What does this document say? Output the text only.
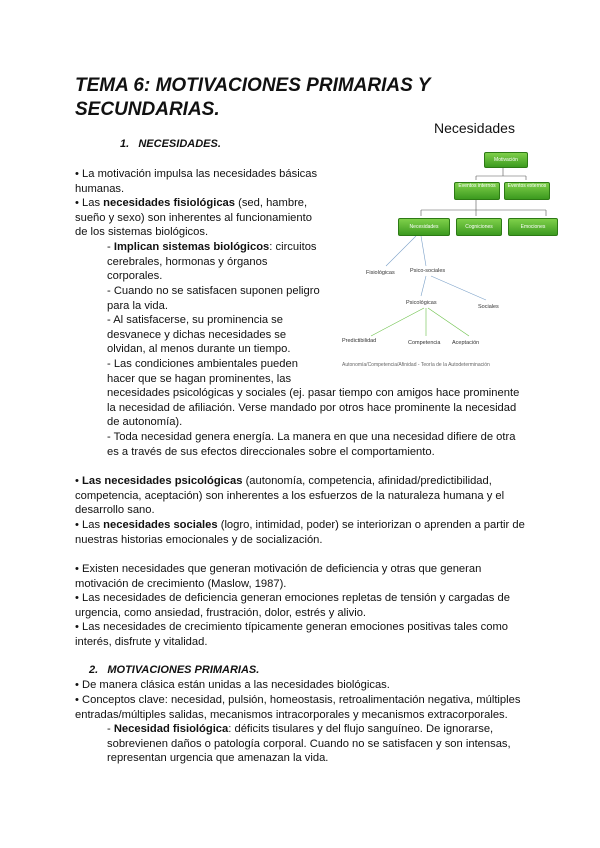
TEMA 6: MOTIVACIONES PRIMARIAS Y SECUNDARIAS.
1. NECESIDADES.
• La motivación impulsa las necesidades básicas humanas.
• Las necesidades fisiológicas (sed, hambre, sueño y sexo) son inherentes al funcionamiento de los sistemas biológicos.
- Implican sistemas biológicos: circuitos cerebrales, hormonas y órganos corporales.
- Cuando no se satisfacen suponen peligro para la vida.
- Al satisfacerse, su prominencia se desvanece y dichas necesidades se olvidan, al menos durante un tiempo.
- Las condiciones ambientales pueden hacer que se hagan prominentes, las
necesidades psicológicas y sociales (ej. pasar tiempo con amigos hace prominente la necesidad de afiliación. Verse mandado por otros hace prominente la necesidad de autonomía).
- Toda necesidad genera energía. La manera en que una necesidad difiere de otra es a través de sus efectos direccionales sobre el comportamiento.
• Las necesidades psicológicas (autonomía, competencia, afinidad/predictibilidad, competencia, aceptación) son inherentes a los esfuerzos de la naturaleza humana y el desarrollo sano.
• Las necesidades sociales (logro, intimidad, poder) se interiorizan o aprenden a partir de nuestras historias emocionales y de socialización.
• Existen necesidades que generan motivación de deficiencia y otras que generan motivación de crecimiento (Maslow, 1987).
• Las necesidades de deficiencia generan emociones repletas de tensión y cargadas de urgencia, como ansiedad, frustración, dolor, estrés y alivio.
• Las necesidades de crecimiento típicamente generan emociones positivas tales como interés, disfrute y vitalidad.
2. MOTIVACIONES PRIMARIAS.
• De manera clásica están unidas a las necesidades biológicas.
• Conceptos clave: necesidad, pulsión, homeostasis, retroalimentación negativa, múltiples entradas/múltiples salidas, mecanismos intracorporales y mecanismos extracorporales.
- Necesidad fisiológica: déficits tisulares y del flujo sanguíneo. De ignorarse, sobrevienen daños o patología corporal. Cuando no se satisfacen y son intensas, representan urgencia que amenazan la vida.
Necesidades
Motivación
Eventos internos	Eventos externos
Necesidades	Cogniciones	Emociones
Fisiológicas	Psico-sociales
Psicológicas
Sociales
Predictibilidad	Competencia Aceptación
Autonomía/Competencia/Afinidad - Teoría de la Autodeterminación
